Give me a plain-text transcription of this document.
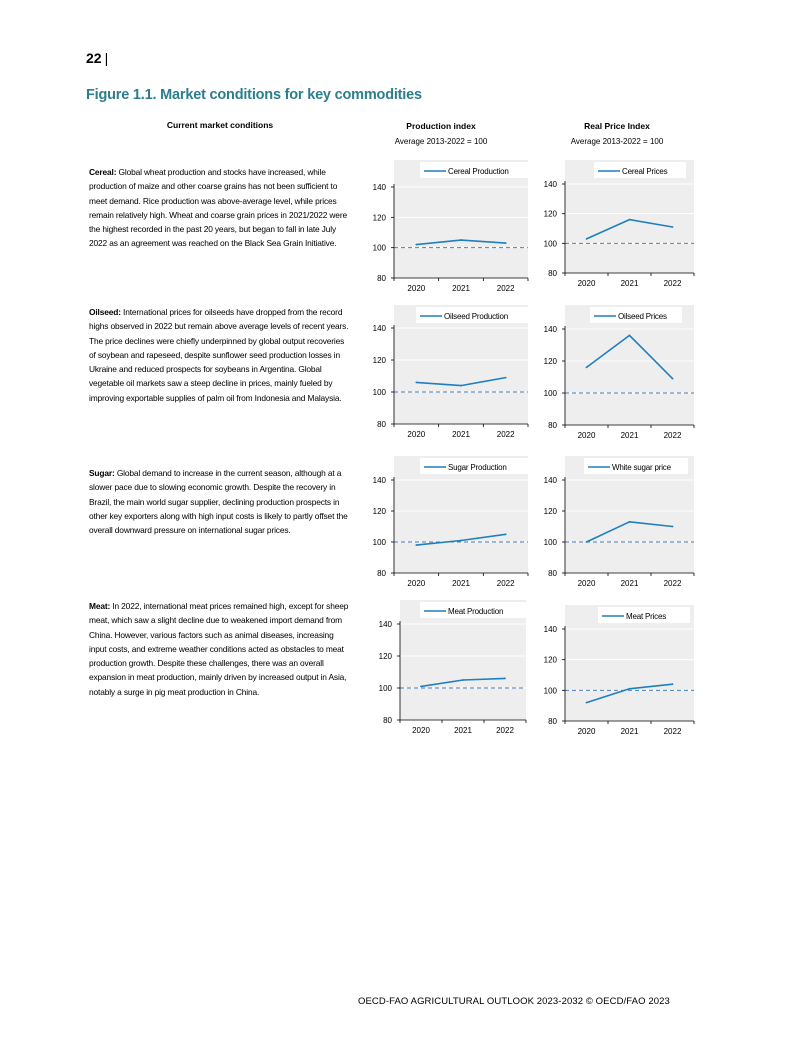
22 |
Figure 1.1. Market conditions for key commodities
Current market conditions	Production index
Average 2013-2022 = 100
Real Price Index
Average 2013-2022 = 100
Cereal: Global wheat production and stocks have increased, while production of maize and other coarse grains has not been sufficient to meet demand. Rice production was above-average level, while prices remain relatively high. Wheat and coarse grain prices in 2021/2022 were the highest recorded in the past 20 years, but began to fall in late July 2022 as an agreement was reached on the Black Sea Grain Initiative.
Oilseed: International prices for oilseeds have dropped from the record highs observed in 2022 but remain above average levels of recent years. The price declines were chiefly underpinned by global output recoveries of soybean and rapeseed, despite sunflower seed production losses in Ukraine and reduced prospects for soybeans in Argentina. Global vegetable oil markets saw a steep decline in prices, mainly fueled by improving exportable supplies of palm oil from Indonesia and Malaysia.
Sugar: Global demand to increase in the current season, although at a slower pace due to slowing economic growth. Despite the recovery in Brazil, the main world sugar supplier, declining production prospects in other key exporters along with high input costs is likely to partly offset the overall downward pressure on international sugar prices.
Meat: In 2022, international meat prices remained high, except for sheep meat, which saw a slight decline due to weakened import demand from China. However, various factors such as animal diseases, increasing input costs, and extreme weather conditions acted as obstacles to meat production growth. Despite these challenges, there was an overall expansion in meat production, mainly driven by increased output in Asia, notably a surge in pig meat production in China.
80
100
120
140
2020	2021	2022
Cereal Production
80
100
120
140
2020	2021	2022
Cereal Prices
80
100
120
140
2020	2021	2022
Oilseed Production
80
100
120
140
2020	2021	2022
Oilseed Prices
80
100
120
140
2020	2021	2022
Sugar Production
80
100
120
140
2020	2021	2022
White sugar price
80
100
120
140
2020	2021	2022
Meat Production
80
100
120
140
2020	2021	2022
Meat Prices
OECD-FAO AGRICULTURAL OUTLOOK 2023-2032 © OECD/FAO 2023
